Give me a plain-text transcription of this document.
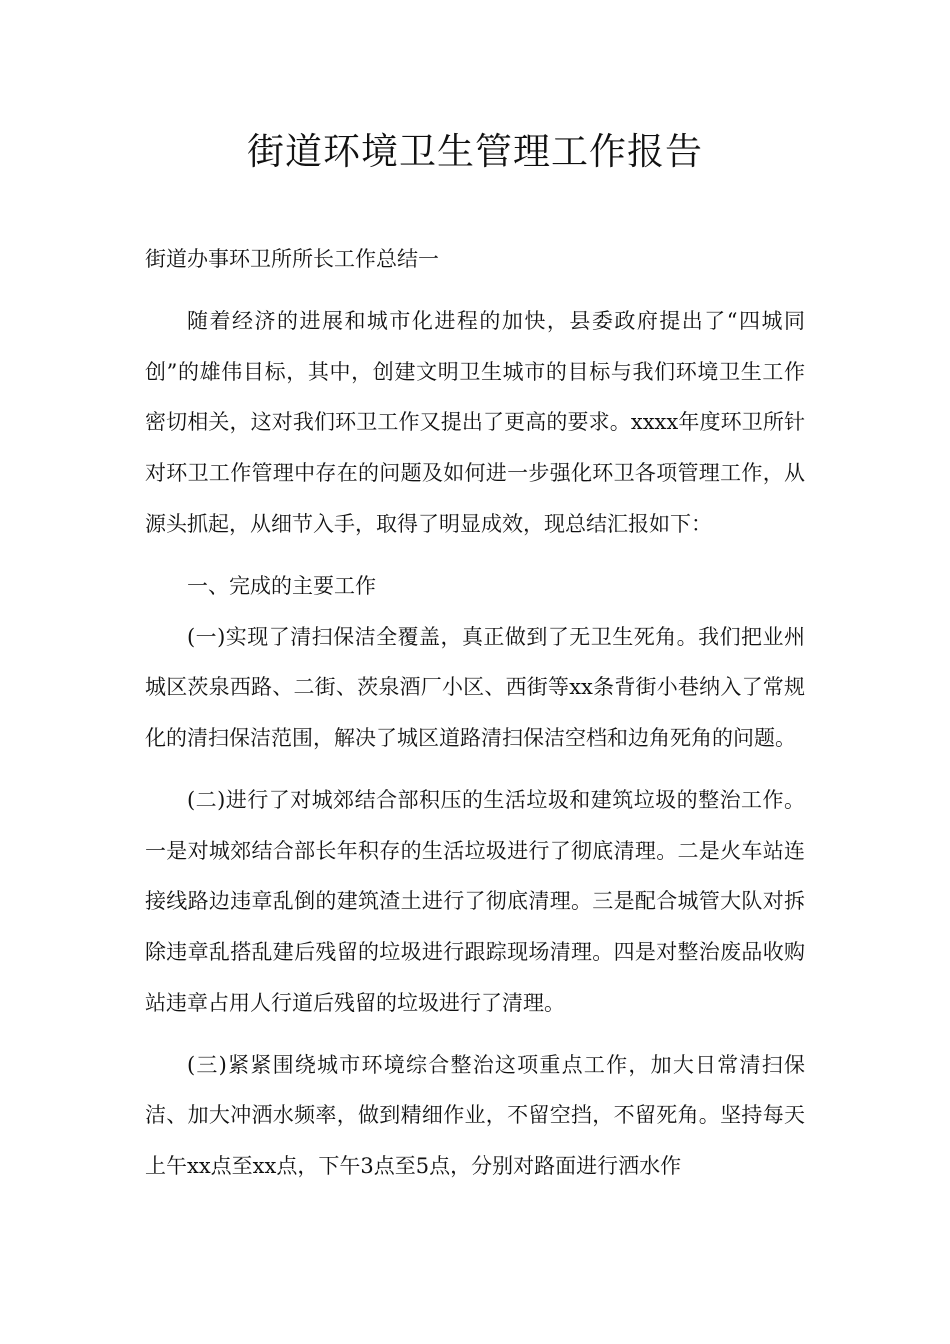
街道环境卫生管理工作报告

街道办事环卫所所长工作总结一

随着经济的进展和城市化进程的加快，县委政府提出了“四城同创”的雄伟目标，其中，创建文明卫生城市的目标与我们环境卫生工作密切相关，这对我们环卫工作又提出了更高的要求。xxxx年度环卫所针对环卫工作管理中存在的问题及如何进一步强化环卫各项管理工作，从源头抓起，从细节入手，取得了明显成效，现总结汇报如下：

一、完成的主要工作

(一)实现了清扫保洁全覆盖，真正做到了无卫生死角。我们把业州城区茨泉西路、二街、茨泉酒厂小区、西街等xx条背街小巷纳入了常规化的清扫保洁范围，解决了城区道路清扫保洁空档和边角死角的问题。

(二)进行了对城郊结合部积压的生活垃圾和建筑垃圾的整治工作。一是对城郊结合部长年积存的生活垃圾进行了彻底清理。二是火车站连接线路边违章乱倒的建筑渣土进行了彻底清理。三是配合城管大队对拆除违章乱搭乱建后残留的垃圾进行跟踪现场清理。四是对整治废品收购站违章占用人行道后残留的垃圾进行了清理。

(三)紧紧围绕城市环境综合整治这项重点工作，加大日常清扫保洁、加大冲洒水频率，做到精细作业，不留空挡，不留死角。坚持每天上午xx点至xx点，下午3点至5点，分别对路面进行洒水作
